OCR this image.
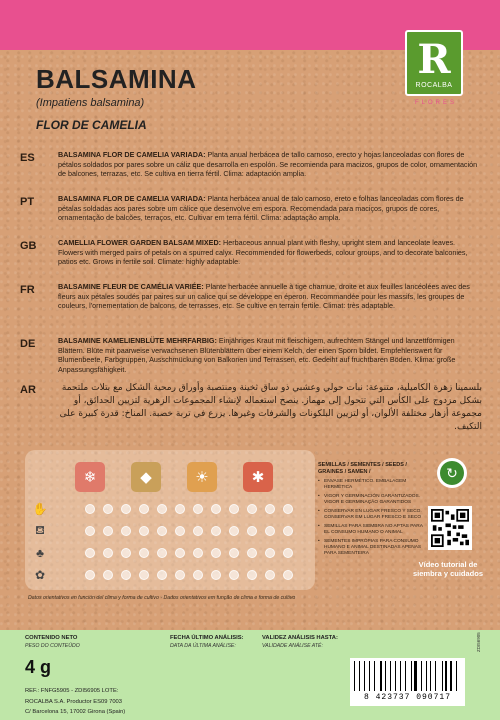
R
ROCALBA
FLORES
BALSAMINA
(Impatiens balsamina)
FLOR DE CAMELIA
ES	BALSAMINA FLOR DE CAMELIA VARIADA: Planta anual herbácea de tallo carnoso, erecto y hojas lanceoladas con flores de pétalos soldados por pares sobre un cáliz que desarrolla en espolón. Se recomienda para macizos, grupos de color, ornamentación de balcones, terrazas, etc. Se cultiva en tierra fértil. Clima: adaptación amplia.
PT	BALSAMINA FLOR DE CAMELIA VARIADA: Planta herbácea anual de talo carnoso, ereto e folhas lanceoladas com flores de pétalas soldadas aos pares sobre um cálice que desenvolve em espora. Recomendada para maciços, grupos de cores, ornamentação de balcões, terraços, etc. Cultivar em terra fértil. Clima: adaptação ampla.
GB	CAMELLIA FLOWER GARDEN BALSAM MIXED: Herbaceous annual plant with fleshy, upright stem and lanceolate leaves. Flowers with merged pairs of petals on a spurred calyx. Recommended for flowerbeds, colour groups, and to decorate balconies, patios etc. Grows in fertile soil. Climate: highly adaptable.
FR	BALSAMINE FLEUR DE CAMÉLIA VARIÉE: Plante herbacée annuelle à tige charnue, droite et aux feuilles lancéolées avec des fleurs aux pétales soudés par paires sur un calice qui se développe en éperon. Recommandée pour les massifs, les groupes de couleurs, l'ornementation de balcons, de terrasses, etc. Se cultive en terrain fertile. Climat: très adaptable.
DE	BALSAMINE KAMELIENBLÜTE MEHRFARBIG: Einjähriges Kraut mit fleischigem, aufrechtem Stängel und lanzettförmigen Blättern. Blüte mit paarweise verwachsenen Blütenblättern über einem Kelch, der einen Sporn bildet. Empfehlenswert für Blumenbeete, Farbgruppen, Ausschmückung von Balkonen und Terrassen, etc. Gedeiht auf fruchtbaren Böden. Klima: große Anpassungsfähigkeit.
AR	بلسمينا زهرة الكاميلية، متنوعة: نبات حولي وعشبي ذو ساق ثخينة ومنتصبة وأوراق رمحية الشكل مع بتلات ملتحمة بشكل مزدوج على الكأس التي تتحول إلى مهماز. ينصح استعماله لإنشاء المجموعات الزهرية لتزيين الحدائق، أو مجموعة أزهار مختلفة الألوان، أو لتزيين البلكونات والشرفات وغيرها. يزرع في تربة خصبة. المناخ: قدرة كبيرة على التكيف.
❄	◆	☀	✱
✋
⛾
♣
✿
SEMILLAS / SEMENTES / SEEDS /
GRAINES / SAMEN /
• ENVASE HERMÉTICO. EMBALAGEM HERMÉTICA
• VIGOR Y GERMINACIÓN GARANTIZADOS. VIGOR E GERMINAÇÃO GARANTIDOS
• CONSERVAR EN LUGAR FRESCO Y SECO. CONSERVAR EM LUGAR FRESCO E SECO
• SEMILLAS PARA SIEMBRA NO APTAS PARA EL CONSUMO HUMANO O ANIMAL
• SEMENTES IMPRÓPIAS PARA CONSUMO HUMANO E ANIMAL DESTINADAS APENAS PARA SEMENTEIRA
↻
Vídeo tutorial de
siembra y cuidados
Datos orientativos en función del clima y forma de cultivo · Dados orientativos em função de clima e forma de cultivo
CONTENIDO NETO
PESO DO CONTEÚDO
4 g
REF.: FNFG5905 - ZDI56905 LOTE:
ROCALBA S.A. Productor ES09 7003
C/ Barcelona 15, 17002 Girona (Spain)
FECHA ÚLTIMO ANÁLISIS:
DATA DA ÚLTIMA ANÁLISE:
VALIDEZ ANÁLISIS HASTA:
VALIDADE ANÁLISE ATÉ:
8 423737 090717
ZDI56905
